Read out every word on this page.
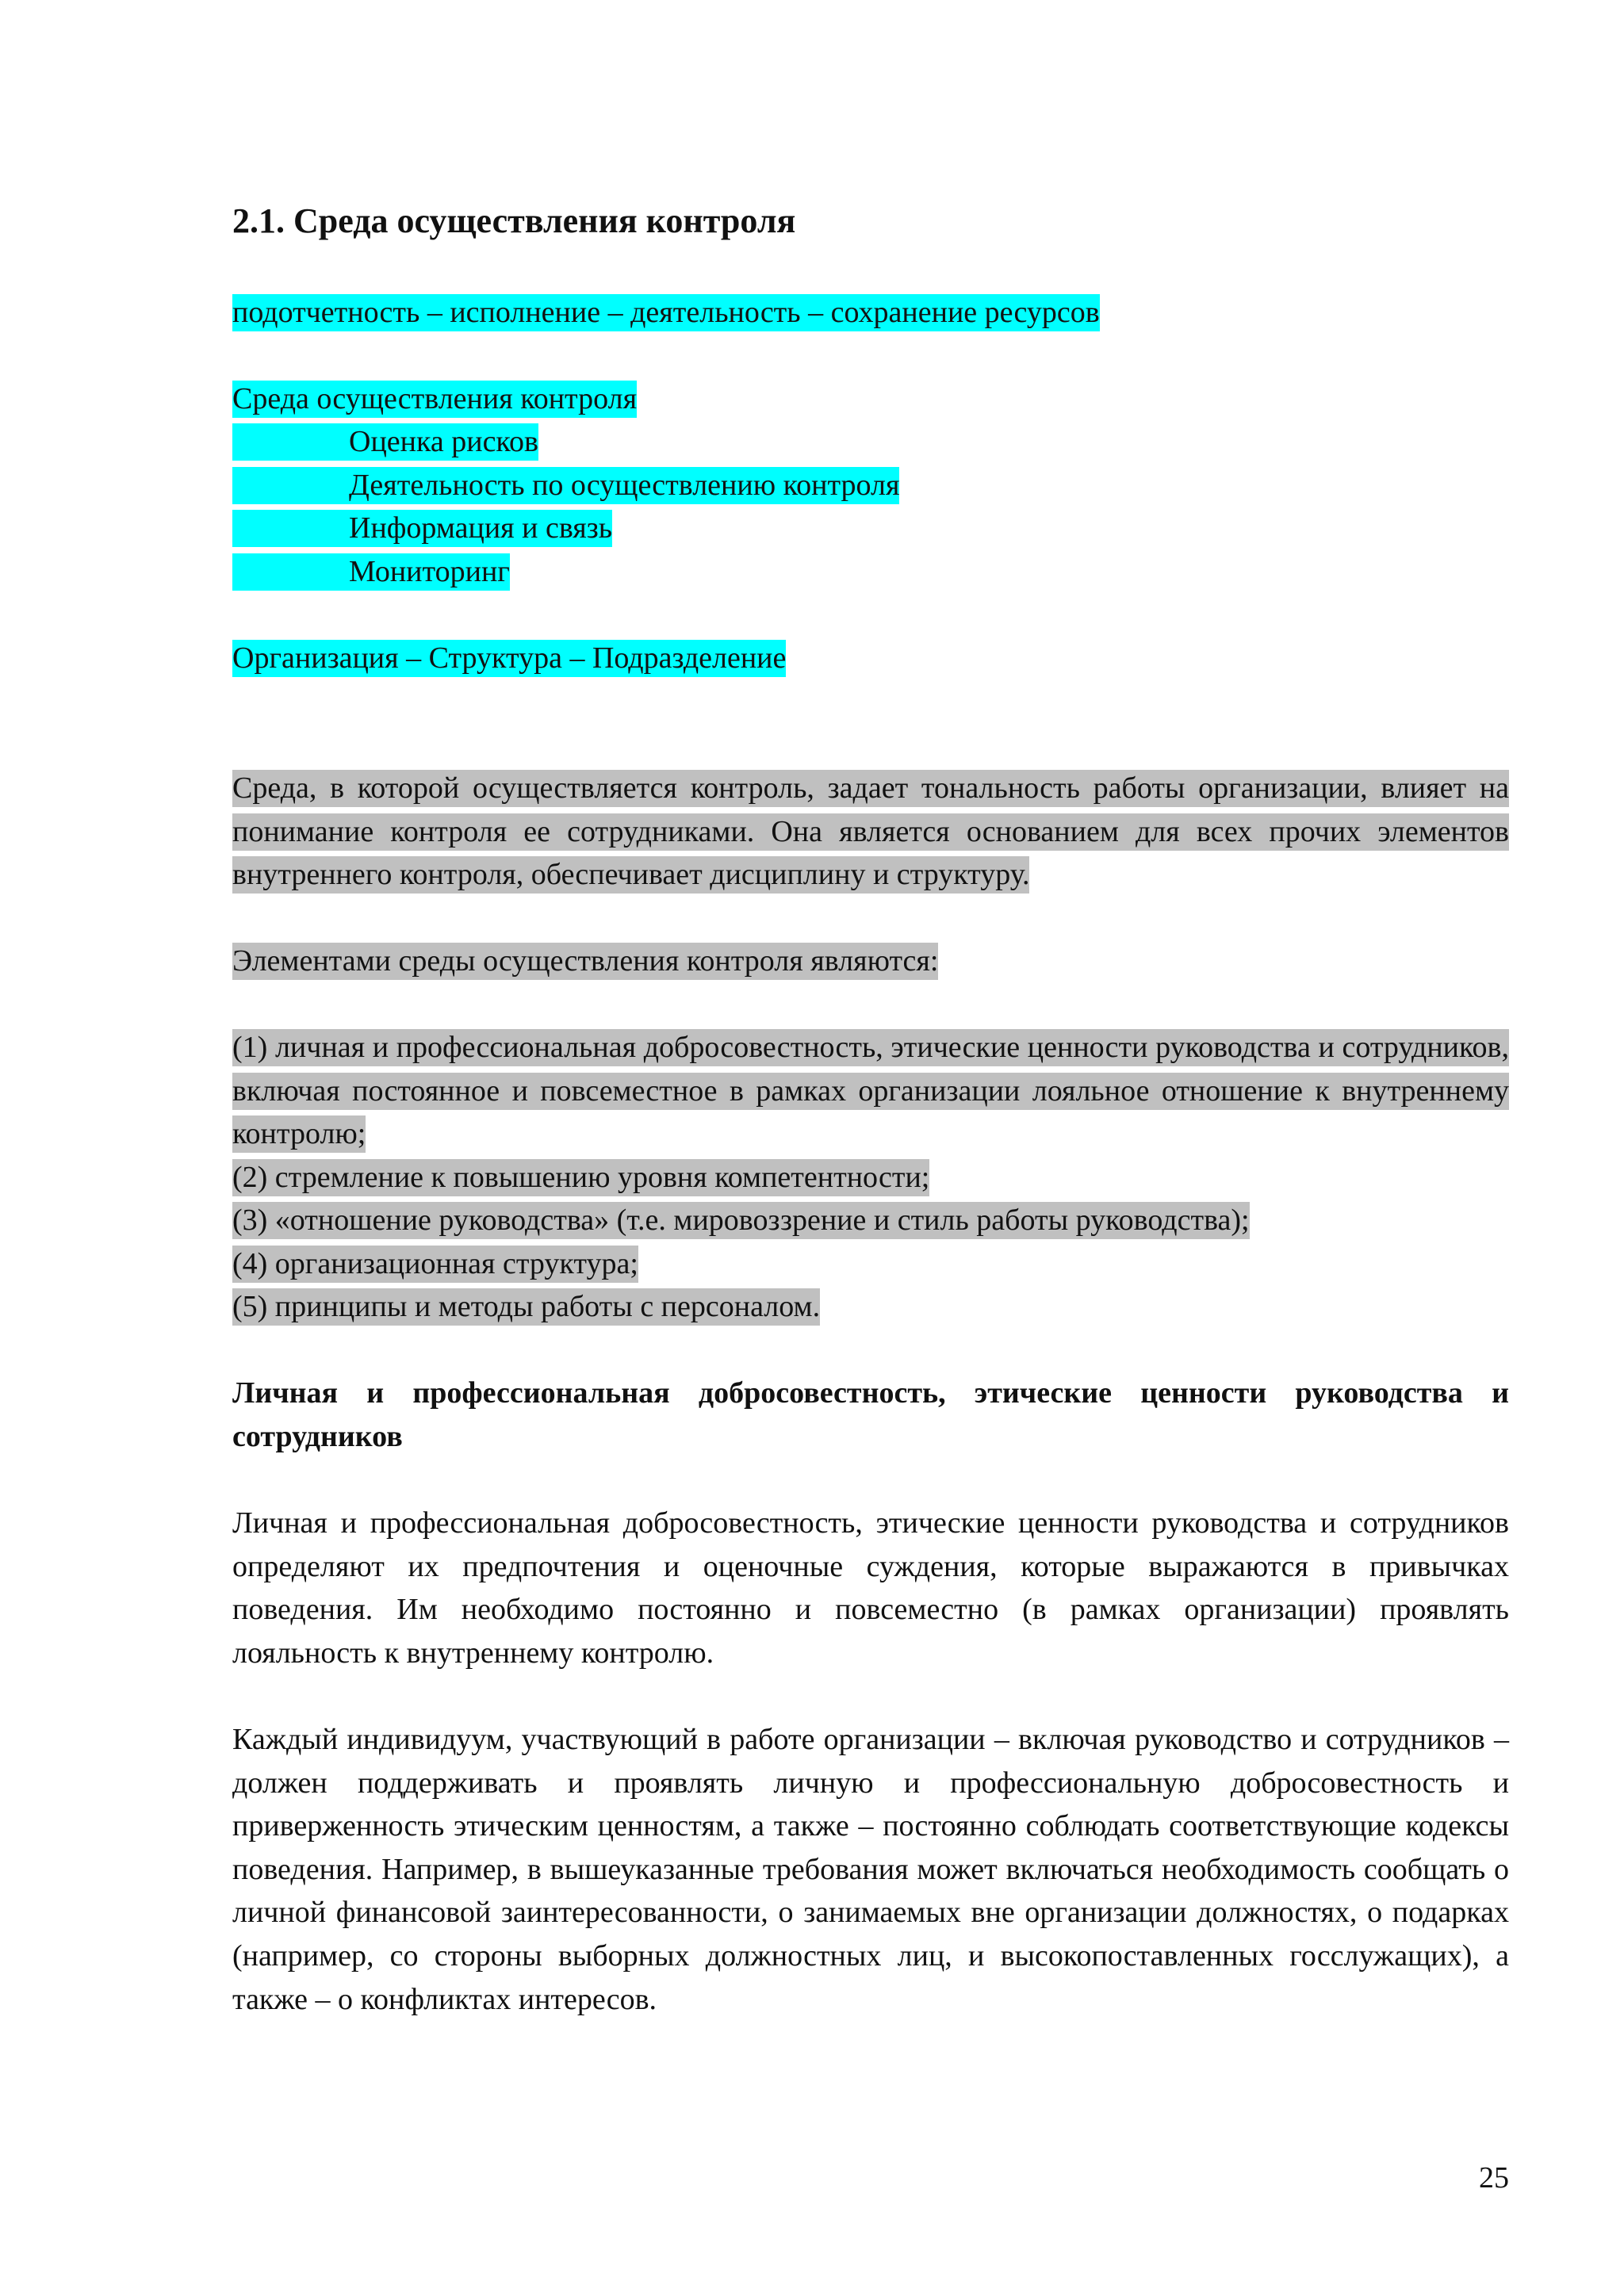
2.1. Среда осуществления контроля
подотчетность – исполнение – деятельность – сохранение ресурсов
Среда осуществления контроля
Оценка рисков
Деятельность по осуществлению контроля
Информация и связь
Мониторинг
Организация – Структура – Подразделение
Среда, в которой осуществляется контроль, задает тональность работы организации, влияет на понимание контроля ее сотрудниками. Она является основанием для всех прочих элементов внутреннего контроля, обеспечивает дисциплину и структуру.
Элементами среды осуществления контроля являются:
(1) личная и профессиональная добросовестность, этические ценности руководства и сотрудников, включая постоянное и повсеместное в рамках организации лояльное отношение к внутреннему контролю;
(2) стремление к повышению уровня компетентности;
(3) «отношение руководства» (т.е. мировоззрение и стиль работы руководства);
(4) организационная структура;
(5) принципы и методы работы с персоналом.
Личная и профессиональная добросовестность, этические ценности руководства и сотрудников
Личная и профессиональная добросовестность, этические ценности руководства и сотрудников определяют их предпочтения и оценочные суждения, которые выражаются в привычках поведения. Им необходимо постоянно и повсеместно (в рамках организации) проявлять лояльность к внутреннему контролю.
Каждый индивидуум, участвующий в работе организации – включая руководство и сотрудников – должен поддерживать и проявлять личную и профессиональную добросовестность и приверженность этическим ценностям, а также – постоянно соблюдать соответствующие кодексы поведения. Например, в вышеуказанные требования может включаться необходимость сообщать о личной финансовой заинтересованности, о занимаемых вне организации должностях, о подарках (например, со стороны выборных должностных лиц, и высокопоставленных госслужащих), а также – о конфликтах интересов.
25
